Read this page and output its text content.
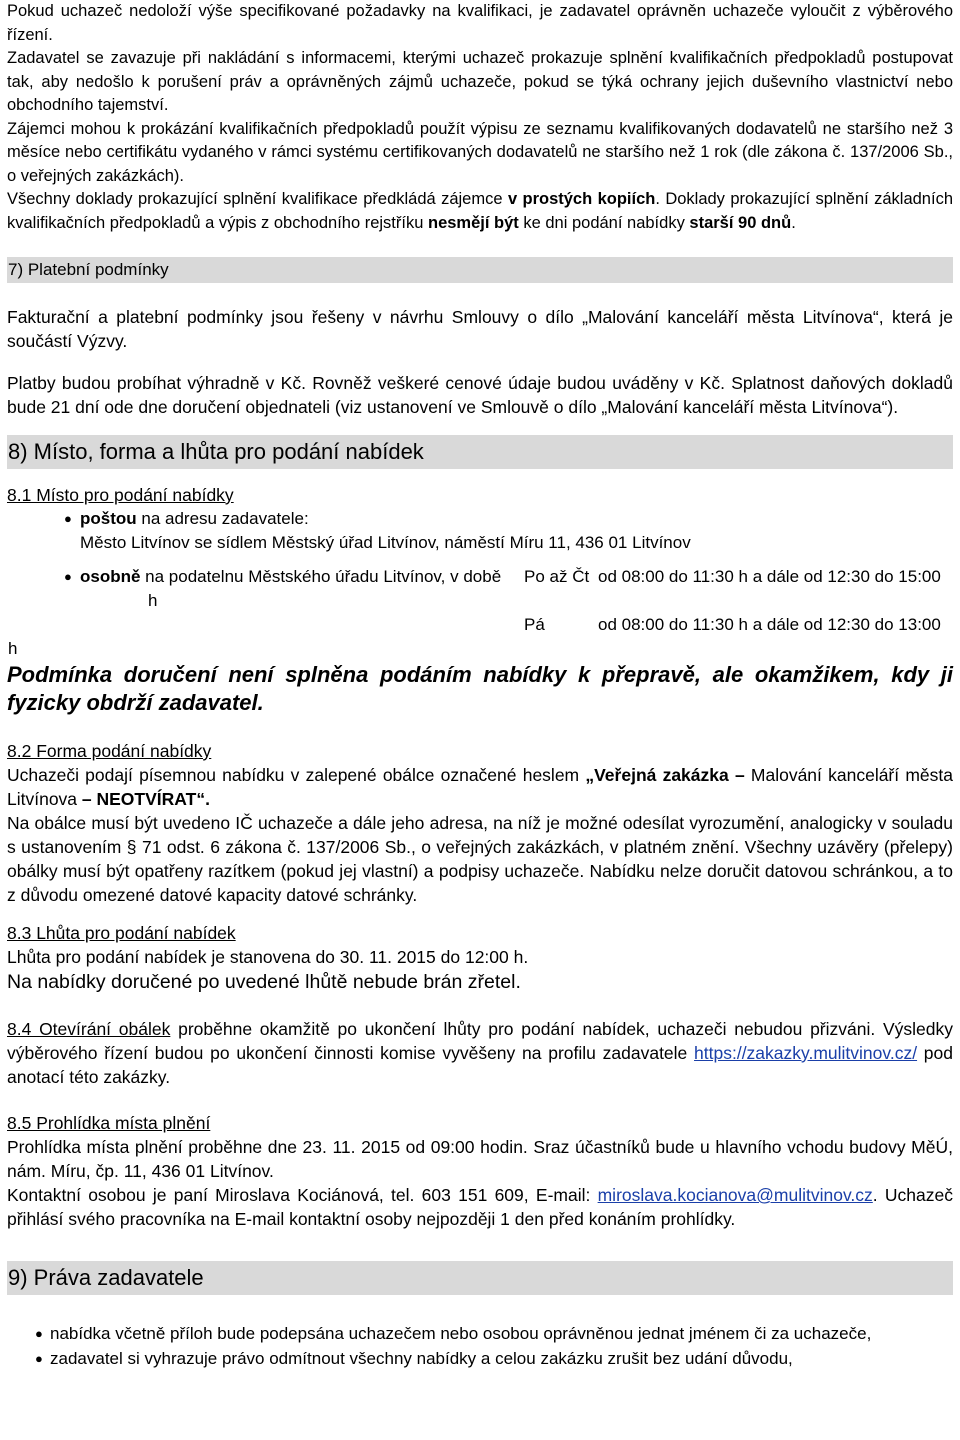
Pokud uchazeč nedoloží výše specifikované požadavky na kvalifikaci, je zadavatel oprávněn uchazeče vyloučit z výběrového řízení.

Zadavatel se zavazuje při nakládání s informacemi, kterými uchazeč prokazuje splnění kvalifikačních předpokladů postupovat tak, aby nedošlo k porušení práv a oprávněných zájmů uchazeče, pokud se týká ochrany jejich duševního vlastnictví nebo obchodního tajemství.

Zájemci mohou k prokázání kvalifikačních předpokladů použít výpisu ze seznamu kvalifikovaných dodavatelů ne staršího než 3 měsíce nebo certifikátu vydaného v rámci systému certifikovaných dodavatelů ne staršího než 1 rok (dle zákona č. 137/2006 Sb., o veřejných zakázkách).

Všechny doklady prokazující splnění kvalifikace předkládá zájemce v prostých kopiích. Doklady prokazující splnění základních kvalifikačních předpokladů a výpis z obchodního rejstříku nesmějí být ke dni podání nabídky starší 90 dnů.

7) Platební podmínky

Fakturační a platební podmínky jsou řešeny v návrhu Smlouvy o dílo „Malování kanceláří města Litvínova“, která je součástí Výzvy.

Platby budou probíhat výhradně v Kč. Rovněž veškeré cenové údaje budou uváděny v Kč. Splatnost daňových dokladů bude 21 dní ode dne doručení objednateli (viz ustanovení ve Smlouvě o dílo „Malování kanceláří města Litvínova“).

8) Místo, forma a lhůta pro podání nabídek

8.1 Místo pro podání nabídky

● poštou na adresu zadavatele:
Město Litvínov se sídlem Městský úřad Litvínov, náměstí Míru 11, 436 01 Litvínov
● osobně na podatelnu Městského úřadu Litvínov, v době Po až Čt od 08:00 do 11:30 h a dále od 12:30 do 15:00
h
Pá	od 08:00 do 11:30 h a dále od 12:30 do 13:00
h

Podmínka doručení není splněna podáním nabídky k přepravě, ale okamžikem, kdy ji fyzicky obdrží zadavatel.

8.2 Forma podání nabídky

Uchazeči podají písemnou nabídku v zalepené obálce označené heslem „Veřejná zakázka – Malování kanceláří města Litvínova – NEOTVÍRAT“.

Na obálce musí být uvedeno IČ uchazeče a dále jeho adresa, na níž je možné odesílat vyrozumění, analogicky v souladu s ustanovením § 71 odst. 6 zákona č. 137/2006 Sb., o veřejných zakázkách, v platném znění. Všechny uzávěry (přelepy) obálky musí být opatřeny razítkem (pokud jej vlastní) a podpisy uchazeče. Nabídku nelze doručit datovou schránkou, a to z důvodu omezené datové kapacity datové schránky.

8.3 Lhůta pro podání nabídek

Lhůta pro podání nabídek je stanovena do 30. 11. 2015 do 12:00 h.

Na nabídky doručené po uvedené lhůtě nebude brán zřetel.

8.4 Otevírání obálek proběhne okamžitě po ukončení lhůty pro podání nabídek, uchazeči nebudou přizváni. Výsledky výběrového řízení budou po ukončení činnosti komise vyvěšeny na profilu zadavatele https://zakazky.mulitvinov.cz/ pod anotací této zakázky.

8.5 Prohlídka místa plnění

Prohlídka místa plnění proběhne dne 23. 11. 2015 od 09:00 hodin. Sraz účastníků bude u hlavního vchodu budovy MěÚ, nám. Míru, čp. 11, 436 01 Litvínov.

Kontaktní osobou je paní Miroslava Kociánová, tel. 603 151 609, E-mail: miroslava.kocianova@mulitvinov.cz. Uchazeč přihlásí svého pracovníka na E-mail kontaktní osoby nejpozději 1 den před konáním prohlídky.

9) Práva zadavatele
● nabídka včetně příloh bude podepsána uchazečem nebo osobou oprávněnou jednat jménem či za uchazeče,
● zadavatel si vyhrazuje právo odmítnout všechny nabídky a celou zakázku zrušit bez udání důvodu,
